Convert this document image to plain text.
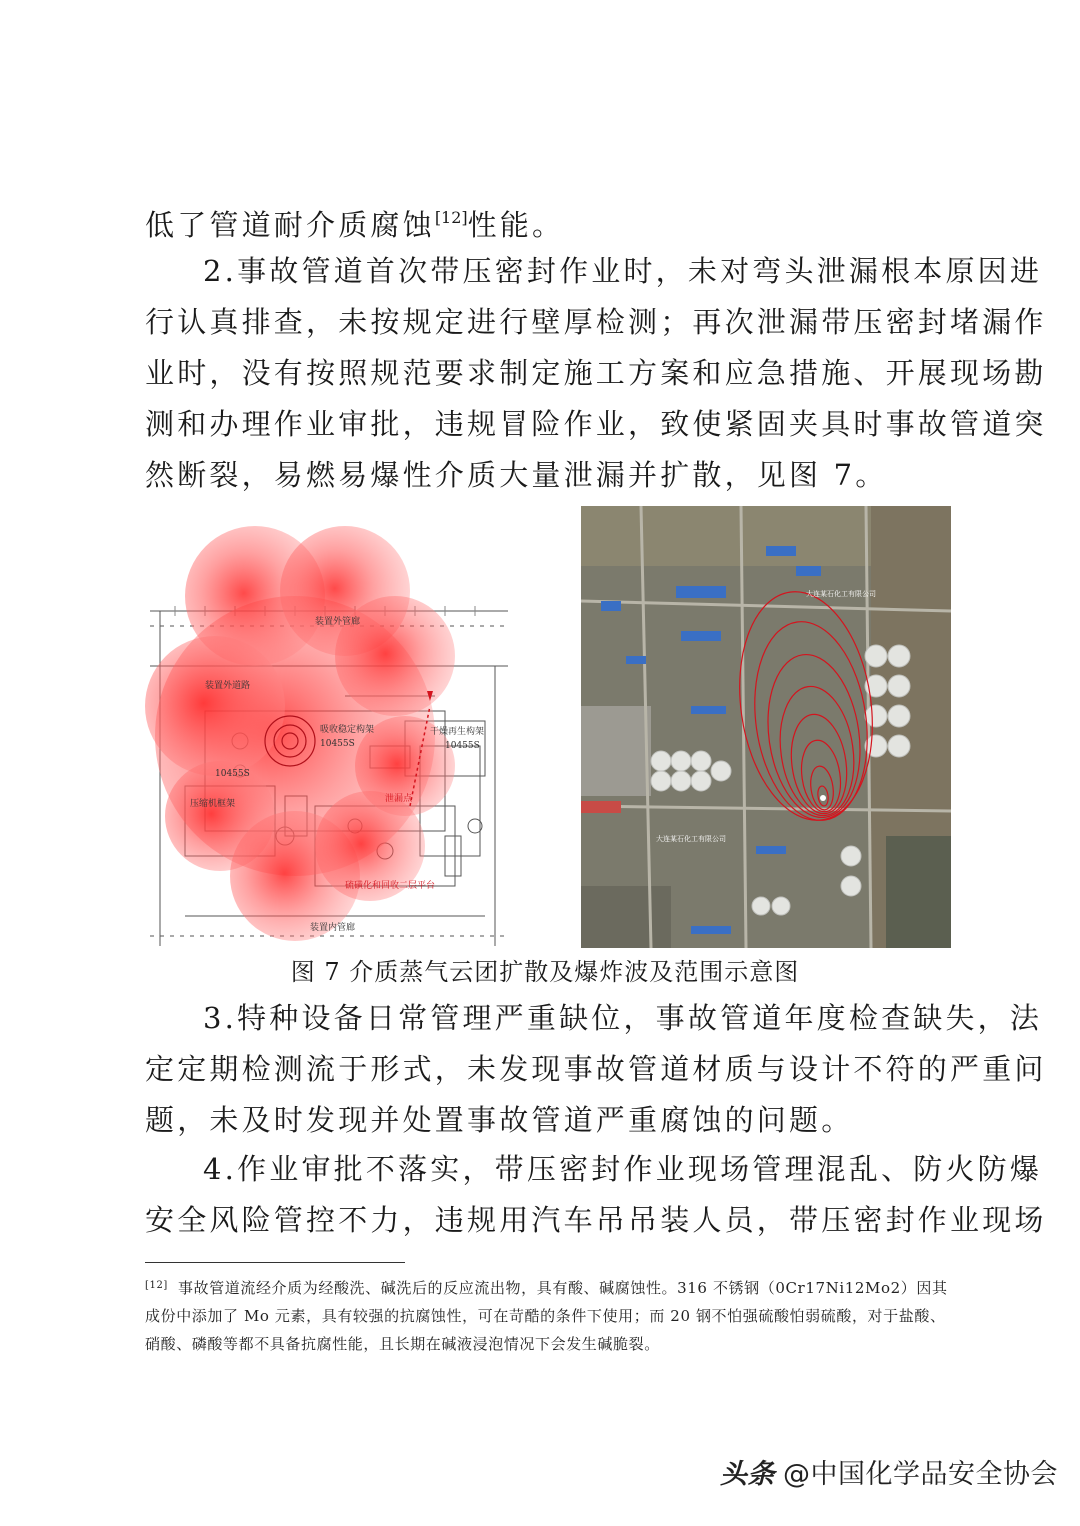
低了管道耐介质腐蚀[12]性能。

2.事故管道首次带压密封作业时，未对弯头泄漏根本原因进
行认真排查，未按规定进行壁厚检测；再次泄漏带压密封堵漏作
业时，没有按照规范要求制定施工方案和应急措施、开展现场勘
测和办理作业审批，违规冒险作业，致使紧固夹具时事故管道突
然断裂，易燃易爆性介质大量泄漏并扩散，见图 7。

装置外管廊
装置外道路
吸收稳定构架
10455S
压缩机框架
10455S
干燥再生构架
10455S
泄漏点
硫磺化和回收二层平台
装置内管廊
大连某石化工有限公司
大连某石化工有限公司
图 7 介质蒸气云团扩散及爆炸波及范围示意图

3.特种设备日常管理严重缺位，事故管道年度检查缺失，法
定定期检测流于形式，未发现事故管道材质与设计不符的严重问
题，未及时发现并处置事故管道严重腐蚀的问题。

4.作业审批不落实，带压密封作业现场管理混乱、防火防爆
安全风险管控不力，违规用汽车吊吊装人员，带压密封作业现场

[12] 事故管道流经介质为经酸洗、碱洗后的反应流出物，具有酸、碱腐蚀性。316 不锈钢（0Cr17Ni12Mo2）因其
成份中添加了 Mo 元素，具有较强的抗腐蚀性，可在苛酷的条件下使用；而 20 钢不怕强硫酸怕弱硫酸，对于盐酸、
硝酸、磷酸等都不具备抗腐性能，且长期在碱液浸泡情况下会发生碱脆裂。
头条 @中国化学品安全协会
